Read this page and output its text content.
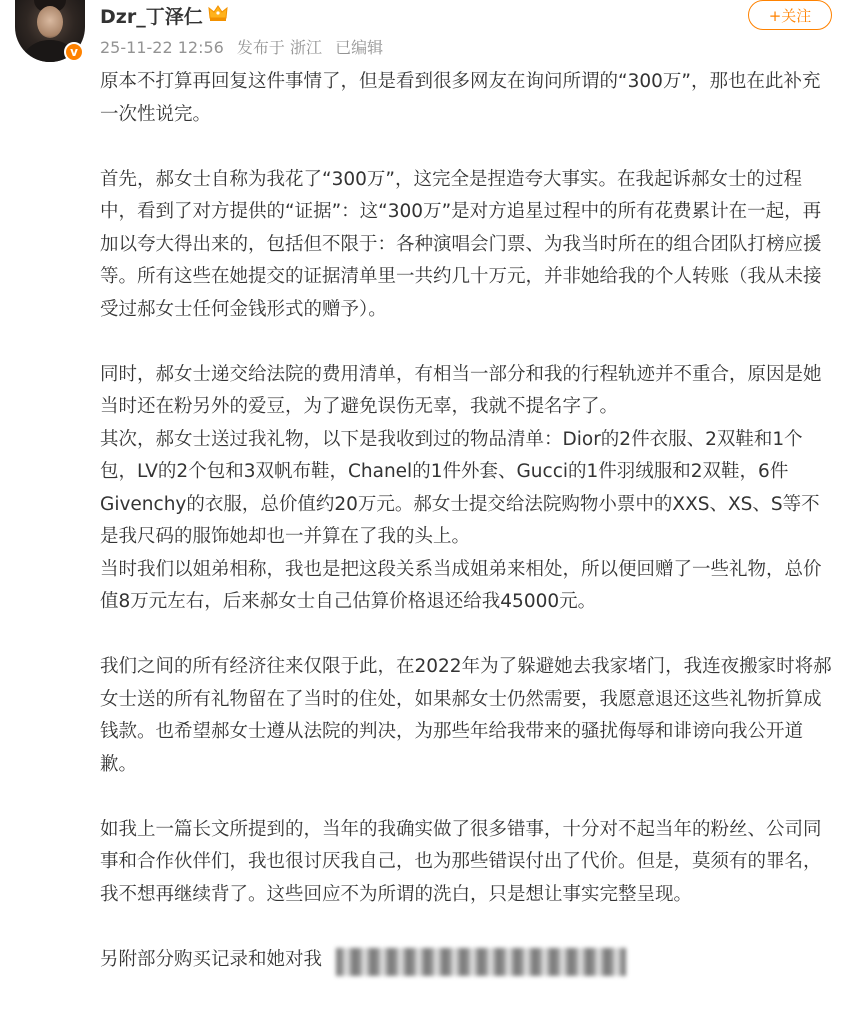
v
Dzr_丁泽仁
25-11-22 12:56 发布于 浙江 已编辑
+关注

原本不打算再回复这件事情了，但是看到很多网友在询问所谓的“300万”，那也在此补充一次性说完。

首先，郝女士自称为我花了“300万”，这完全是捏造夸大事实。在我起诉郝女士的过程中，看到了对方提供的“证据”：这“300万”是对方追星过程中的所有花费累计在一起，再加以夸大得出来的，包括但不限于：各种演唱会门票、为我当时所在的组合团队打榜应援等。所有这些在她提交的证据清单里一共约几十万元，并非她给我的个人转账（我从未接受过郝女士任何金钱形式的赠予）。

同时，郝女士递交给法院的费用清单，有相当一部分和我的行程轨迹并不重合，原因是她当时还在粉另外的爱豆，为了避免误伤无辜，我就不提名字了。

其次，郝女士送过我礼物，以下是我收到过的物品清单：Dior的2件衣服、2双鞋和1个包，LV的2个包和3双帆布鞋，Chanel的1件外套、Gucci的1件羽绒服和2双鞋，6件Givenchy的衣服，总价值约20万元。郝女士提交给法院购物小票中的XXS、XS、S等不是我尺码的服饰她却也一并算在了我的头上。

当时我们以姐弟相称，我也是把这段关系当成姐弟来相处，所以便回赠了一些礼物，总价值8万元左右，后来郝女士自己估算价格退还给我45000元。

我们之间的所有经济往来仅限于此，在2022年为了躲避她去我家堵门，我连夜搬家时将郝女士送的所有礼物留在了当时的住处，如果郝女士仍然需要，我愿意退还这些礼物折算成钱款。也希望郝女士遵从法院的判决，为那些年给我带来的骚扰侮辱和诽谤向我公开道歉。

如我上一篇长文所提到的，当年的我确实做了很多错事，十分对不起当年的粉丝、公司同事和合作伙伴们，我也很讨厌我自己，也为那些错误付出了代价。但是，莫须有的罪名，我不想再继续背了。这些回应不为所谓的洗白，只是想让事实完整呈现。

另附部分购买记录和她对我
